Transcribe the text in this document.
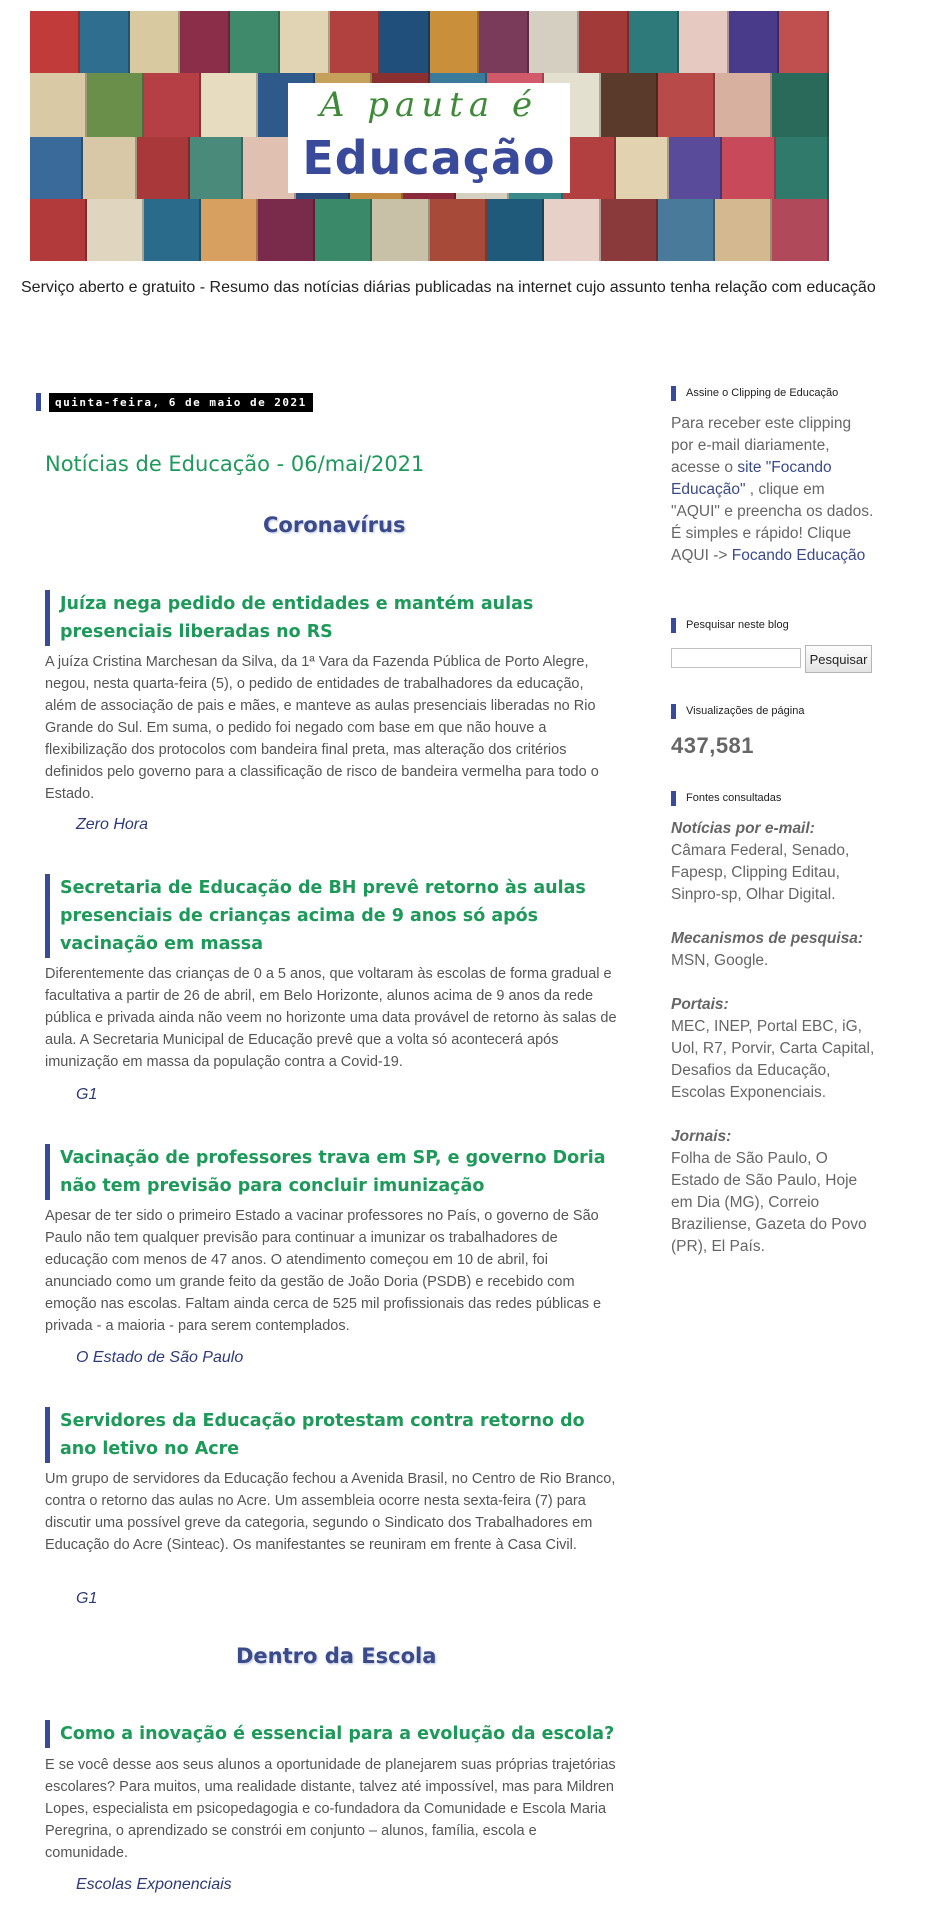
A pauta é
Educação
Serviço aberto e gratuito - Resumo das notícias diárias publicadas na internet cujo assunto tenha relação com educação
quinta-feira, 6 de maio de 2021
Notícias de Educação - 06/mai/2021
Coronavírus
Juíza nega pedido de entidades e mantém aulas presenciais liberadas no RS
A juíza Cristina Marchesan da Silva, da 1ª Vara da Fazenda Pública de Porto Alegre, negou, nesta quarta-feira (5), o pedido de entidades de trabalhadores da educação, além de associação de pais e mães, e manteve as aulas presenciais liberadas no Rio Grande do Sul. Em suma, o pedido foi negado com base em que não houve a flexibilização dos protocolos com bandeira final preta, mas alteração dos critérios definidos pelo governo para a classificação de risco de bandeira vermelha para todo o Estado.
Zero Hora
Secretaria de Educação de BH prevê retorno às aulas presenciais de crianças acima de 9 anos só após vacinação em massa
Diferentemente das crianças de 0 a 5 anos, que voltaram às escolas de forma gradual e facultativa a partir de 26 de abril, em Belo Horizonte, alunos acima de 9 anos da rede pública e privada ainda não veem no horizonte uma data provável de retorno às salas de aula. A Secretaria Municipal de Educação prevê que a volta só acontecerá após imunização em massa da população contra a Covid-19.
G1
Vacinação de professores trava em SP, e governo Doria não tem previsão para concluir imunização
Apesar de ter sido o primeiro Estado a vacinar professores no País, o governo de São Paulo não tem qualquer previsão para continuar a imunizar os trabalhadores de educação com menos de 47 anos. O atendimento começou em 10 de abril, foi anunciado como um grande feito da gestão de João Doria (PSDB) e recebido com emoção nas escolas. Faltam ainda cerca de 525 mil profissionais das redes públicas e privada - a maioria - para serem contemplados.
O Estado de São Paulo
Servidores da Educação protestam contra retorno do ano letivo no Acre
Um grupo de servidores da Educação fechou a Avenida Brasil, no Centro de Rio Branco, contra o retorno das aulas no Acre. Um assembleia ocorre nesta sexta-feira (7) para discutir uma possível greve da categoria, segundo o Sindicato dos Trabalhadores em Educação do Acre (Sinteac). Os manifestantes se reuniram em frente à Casa Civil.
G1
Dentro da Escola
Como a inovação é essencial para a evolução da escola?
E se você desse aos seus alunos a oportunidade de planejarem suas próprias trajetórias escolares? Para muitos, uma realidade distante, talvez até impossível, mas para Mildren Lopes, especialista em psicopedagogia e co-fundadora da Comunidade e Escola Maria Peregrina, o aprendizado se constrói em conjunto – alunos, família, escola e comunidade.
Escolas Exponenciais
Assine o Clipping de Educação
Para receber este clipping por e-mail diariamente, acesse o site "Focando Educação" , clique em "AQUI" e preencha os dados. É simples e rápido! Clique AQUI -> Focando Educação
Pesquisar neste blog
Pesquisar
Visualizações de página
437,581
Fontes consultadas
Notícias por e-mail:
Câmara Federal, Senado, Fapesp, Clipping Editau, Sinpro-sp, Olhar Digital.
Mecanismos de pesquisa:
MSN, Google.
Portais:
MEC, INEP, Portal EBC, iG, Uol, R7, Porvir, Carta Capital, Desafios da Educação, Escolas Exponenciais.
Jornais:
Folha de São Paulo, O Estado de São Paulo, Hoje em Dia (MG), Correio Braziliense, Gazeta do Povo (PR), El País.
